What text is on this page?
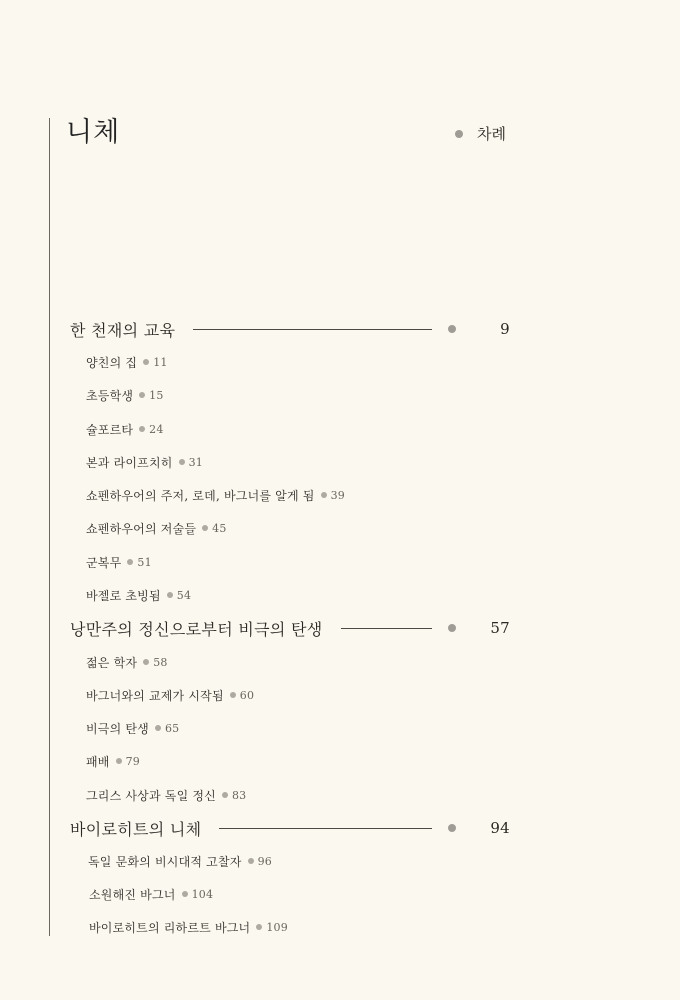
니체	차례
한 천재의 교육	9
양친의 집 11
초등학생 15
슐포르타 24
본과 라이프치히 31
쇼펜하우어의 주저, 로데, 바그너를 알게 됨 39
쇼펜하우어의 저술들 45
군복무 51
바젤로 초빙됨 54
낭만주의 정신으로부터 비극의 탄생	57
젊은 학자 58
바그너와의 교제가 시작됨 60
비극의 탄생 65
패배 79
그리스 사상과 독일 정신 83
바이로히트의 니체	94
독일 문화의 비시대적 고찰자 96
소원해진 바그너 104
바이로히트의 리하르트 바그너 109
